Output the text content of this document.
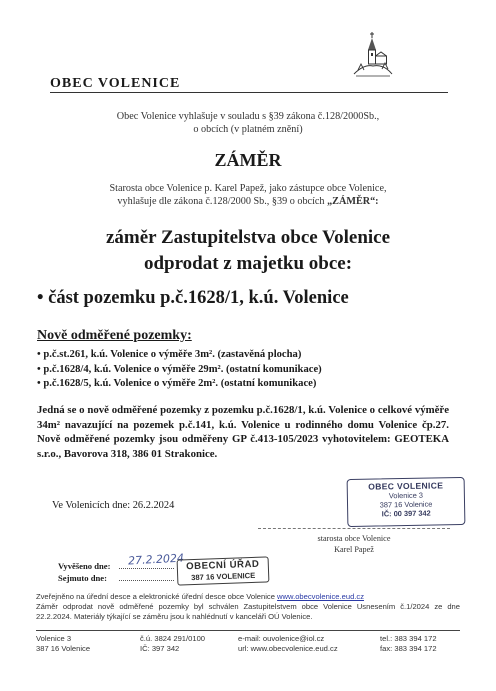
OBEC VOLENICE
Obec Volenice vyhlašuje v souladu s §39 zákona č.128/2000Sb.,
o obcích (v platném znění)
ZÁMĚR
Starosta obce Volenice p. Karel Papež, jako zástupce obce Volenice,
vyhlašuje dle zákona č.128/2000 Sb., §39 o obcích „ZÁMĚR“:
záměr Zastupitelstva obce Volenice
odprodat z majetku obce:
• část pozemku p.č.1628/1, k.ú. Volenice
Nově odměřené pozemky:
• p.č.st.261, k.ú. Volenice o výměře 3m². (zastavěná plocha)
• p.č.1628/4, k.ú. Volenice o výměře 29m². (ostatní komunikace)
• p.č.1628/5, k.ú. Volenice o výměře 2m². (ostatní komunikace)
Jedná se o nově odměřené pozemky z pozemku p.č.1628/1, k.ú. Volenice o celkové výměře 34m² navazující na pozemek p.č.141, k.ú. Volenice u rodinného domu Volenice čp.27. Nově odměřené pozemky jsou odměřeny GP č.413-105/2023 vyhotovitelem: GEOTEKA s.r.o., Bavorova 318, 386 01 Strakonice.
Ve Volenicích dne: 26.2.2024
OBEC VOLENICE
Volenice 3
387 16 Volenice
IČ: 00 397 342
starosta obce Volenice
Karel Papež
Vyvěšeno dne:
Sejmuto dne:
27.2.2024 OBECNÍ ÚŘAD
387 16 VOLENICE
Zveřejněno na úřední desce a elektronické úřední desce obce Volenice www.obecvolenice.eud.cz
Záměr odprodat nově odměřené pozemky byl schválen Zastupitelstvem obce Volenice Usnesením č.1/2024 ze dne 22.2.2024. Materiály týkající se záměru jsou k nahlédnutí v kanceláři OÚ Volenice.
Volenice 3
387 16 Volenice
č.ú. 3824 291/0100
IČ: 397 342
e-mail: ouvolenice@iol.cz
url: www.obecvolenice.eud.cz
tel.: 383 394 172
fax: 383 394 172
